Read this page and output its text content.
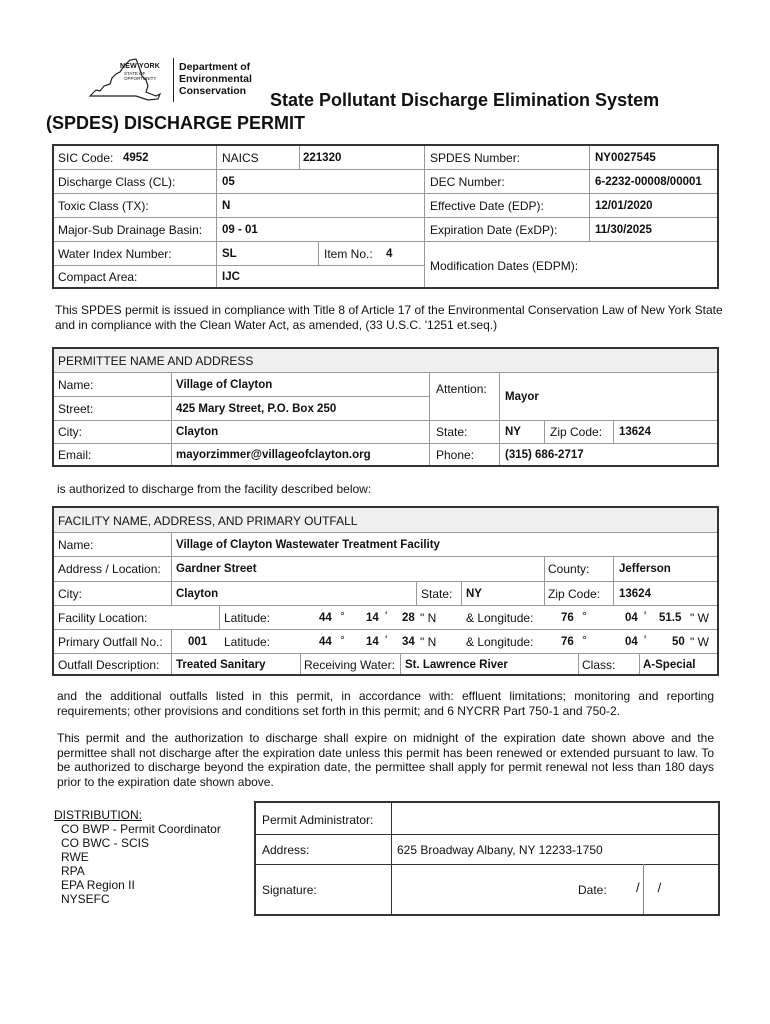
NEW YORK
STATE OF OPPORTUNITY
Department of
Environmental
Conservation	State Pollutant Discharge Elimination System
(SPDES) DISCHARGE PERMIT
SIC Code: 4952	NAICS	221320	SPDES Number:	NY0027545
Discharge Class (CL):	05	DEC Number:	6-2232-00008/00001
Toxic Class (TX):	N	Effective Date (EDP):	12/01/2020
Major-Sub Drainage Basin: 09 - 01	Expiration Date (ExDP):	11/30/2025
Water Index Number:	SL	Item No.: 4
Modification Dates (EDPM):
Compact Area:	IJC
This SPDES permit is issued in compliance with Title 8 of Article 17 of the Environmental Conservation Law of New York State and in compliance with the Clean Water Act, as amended, (33 U.S.C. '1251 et.seq.)
PERMITTEE NAME AND ADDRESS
Name:	Village of Clayton	Attention:
Mayor
Street:	425 Mary Street, P.O. Box 250
City:	Clayton	State:	NY Zip Code: 13624
Email:	mayorzimmer@villageofclayton.org	Phone:	(315) 686-2717
is authorized to discharge from the facility described below:
FACILITY NAME, ADDRESS, AND PRIMARY OUTFALL
Name:	Village of Clayton Wastewater Treatment Facility
Address / Location: Gardner Street	County:	Jefferson
City:	Clayton	State: NY	Zip Code: 13624
Facility Location:	Latitude:	44 ° 14 ' 28 " N & Longitude: 76 °	04 ' 51.5 " W
Primary Outfall No.: 001 Latitude:	44 ° 14 ' 34 " N & Longitude: 76 °	04 ' 50 " W
Outfall Description: Treated Sanitary	Receiving Water: St. Lawrence River	Class: A-Special
and the additional outfalls listed in this permit, in accordance with: effluent limitations; monitoring and reporting requirements; other provisions and conditions set forth in this permit; and 6 NYCRR Part 750-1 and 750-2.
This permit and the authorization to discharge shall expire on midnight of the expiration date shown above and the permittee shall not discharge after the expiration date unless this permit has been renewed or extended pursuant to law. To be authorized to discharge beyond the expiration date, the permittee shall apply for permit renewal not less than 180 days prior to the expiration date shown above.
DISTRIBUTION:
CO BWP - Permit Coordinator
CO BWC - SCIS
RWE
RPA
EPA Region II
NYSEFC
Permit Administrator:
Address:	625 Broadway Albany, NY 12233-1750
Signature:	Date: /     /
